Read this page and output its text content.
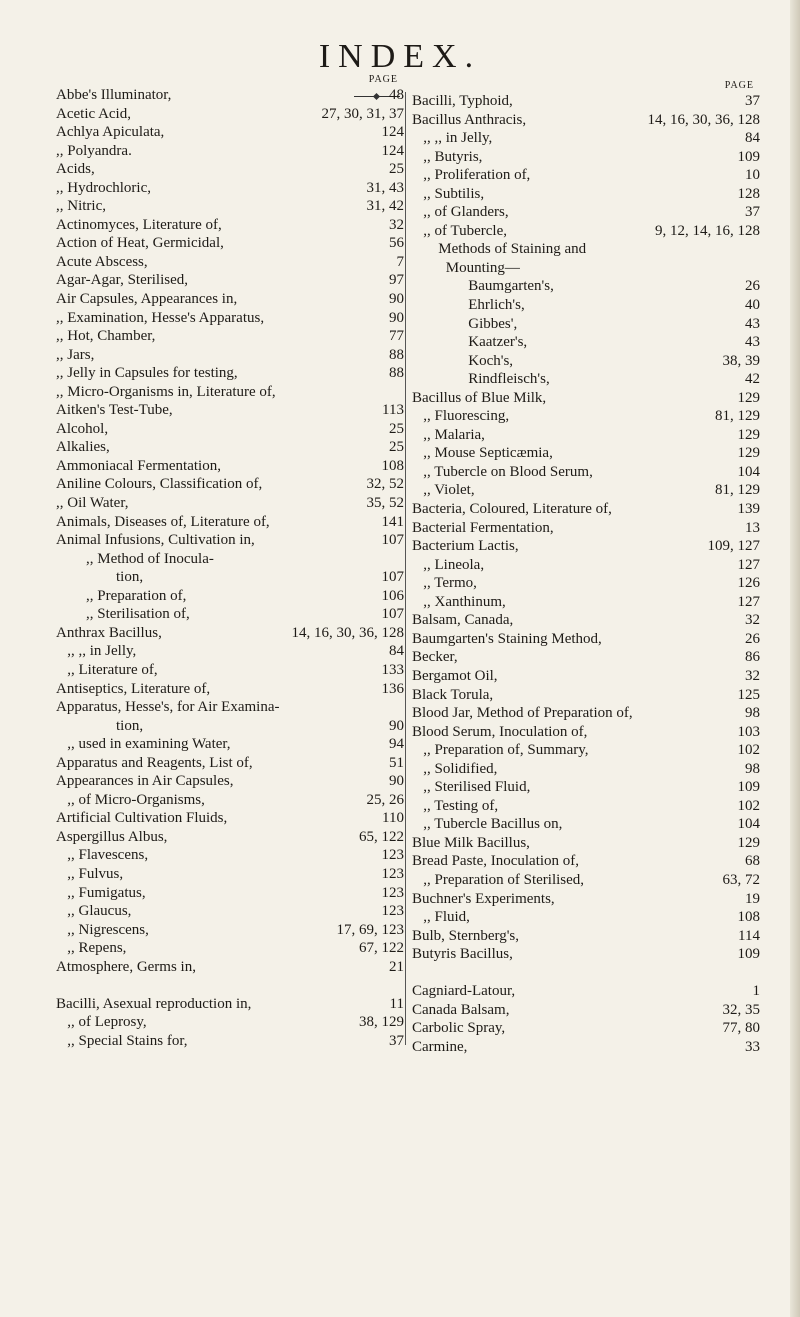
INDEX.
PAGE
Abbe's Illuminator,	48
Acetic Acid,	27, 30, 31, 37
Achlya Apiculata,	124
,, Polyandra.	124
Acids,	25
,, Hydrochloric,	31, 43
,, Nitric,	31, 42
Actinomyces, Literature of,	32
Action of Heat, Germicidal,	56
Acute Abscess,	7
Agar-Agar, Sterilised,	97
Air Capsules, Appearances in,	90
,, Examination, Hesse's Apparatus,	90
,, Hot, Chamber,	77
,, Jars,	88
,, Jelly in Capsules for testing,	88
,, Micro-Organisms in, Literature of,
Aitken's Test-Tube,	113
Alcohol,	25
Alkalies,	25
Ammoniacal Fermentation,	108
Aniline Colours, Classification of,	32, 52
,, Oil Water,	35, 52
Animals, Diseases of, Literature of,	141
Animal Infusions, Cultivation in,	107
,, Method of Inocula-
tion,	107
,, Preparation of,	106
,, Sterilisation of,	107
Anthrax Bacillus,	14, 16, 30, 36, 128
,, ,, in Jelly,	84
,, Literature of,	133
Antiseptics, Literature of,	136
Apparatus, Hesse's, for Air Examina-
tion,	90
,, used in examining Water,	94
Apparatus and Reagents, List of,	51
Appearances in Air Capsules,	90
,, of Micro-Organisms,	25, 26
Artificial Cultivation Fluids,	110
Aspergillus Albus,	65, 122
,, Flavescens,	123
,, Fulvus,	123
,, Fumigatus,	123
,, Glaucus,	123
,, Nigrescens,	17, 69, 123
,, Repens,	67, 122
Atmosphere, Germs in,	21
Bacilli, Asexual reproduction in,	11
,, of Leprosy,	38, 129
,, Special Stains for,	37
PAGE
Bacilli, Typhoid,	37
Bacillus Anthracis,	14, 16, 30, 36, 128
,, ,, in Jelly,	84
,, Butyris,	109
,, Proliferation of,	10
,, Subtilis,	128
,, of Glanders,	37
,, of Tubercle,	9, 12, 14, 16, 128
Methods of Staining and
Mounting—
Baumgarten's,	26
Ehrlich's,	40
Gibbes',	43
Kaatzer's,	43
Koch's,	38, 39
Rindfleisch's,	42
Bacillus of Blue Milk,	129
,, Fluorescing,	81, 129
,, Malaria,	129
,, Mouse Septicæmia,	129
,, Tubercle on Blood Serum,	104
,, Violet,	81, 129
Bacteria, Coloured, Literature of,	139
Bacterial Fermentation,	13
Bacterium Lactis,	109, 127
,, Lineola,	127
,, Termo,	126
,, Xanthinum,	127
Balsam, Canada,	32
Baumgarten's Staining Method,	26
Becker,	86
Bergamot Oil,	32
Black Torula,	125
Blood Jar, Method of Preparation of,	98
Blood Serum, Inoculation of,	103
,, Preparation of, Summary,	102
,, Solidified,	98
,, Sterilised Fluid,	109
,, Testing of,	102
,, Tubercle Bacillus on,	104
Blue Milk Bacillus,	129
Bread Paste, Inoculation of,	68
,, Preparation of Sterilised,	63, 72
Buchner's Experiments,	19
,, Fluid,	108
Bulb, Sternberg's,	114
Butyris Bacillus,	109
Cagniard-Latour,	1
Canada Balsam,	32, 35
Carbolic Spray,	77, 80
Carmine,	33
